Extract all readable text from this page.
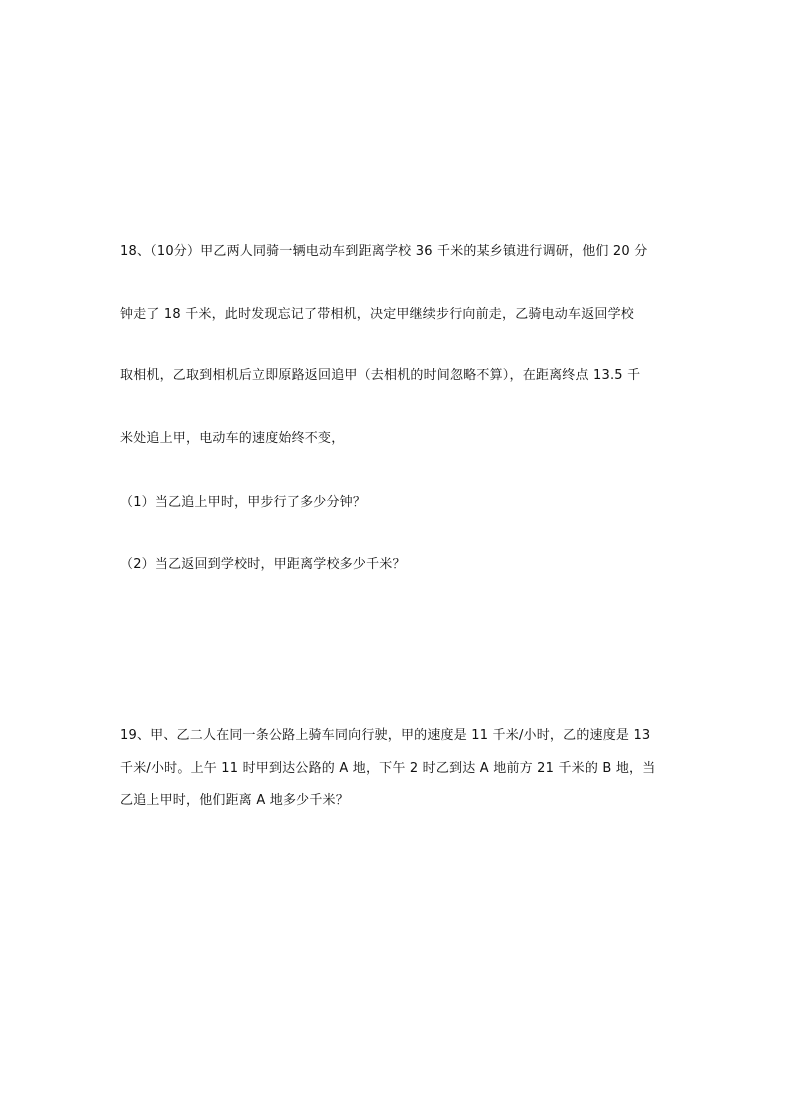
18、（10分）甲乙两人同骑一辆电动车到距离学校 36 千米的某乡镇进行调研，他们 20 分
钟走了 18 千米，此时发现忘记了带相机，决定甲继续步行向前走，乙骑电动车返回学校
取相机，乙取到相机后立即原路返回追甲（去相机的时间忽略不算），在距离终点 13.5 千
米处追上甲，电动车的速度始终不变，
（1）当乙追上甲时，甲步行了多少分钟？
（2）当乙返回到学校时，甲距离学校多少千米？
19、甲、乙二人在同一条公路上骑车同向行驶，甲的速度是 11 千米/小时，乙的速度是 13
千米/小时。上午 11 时甲到达公路的 A 地，下午 2 时乙到达 A 地前方 21 千米的 B 地，当
乙追上甲时，他们距离 A 地多少千米？
